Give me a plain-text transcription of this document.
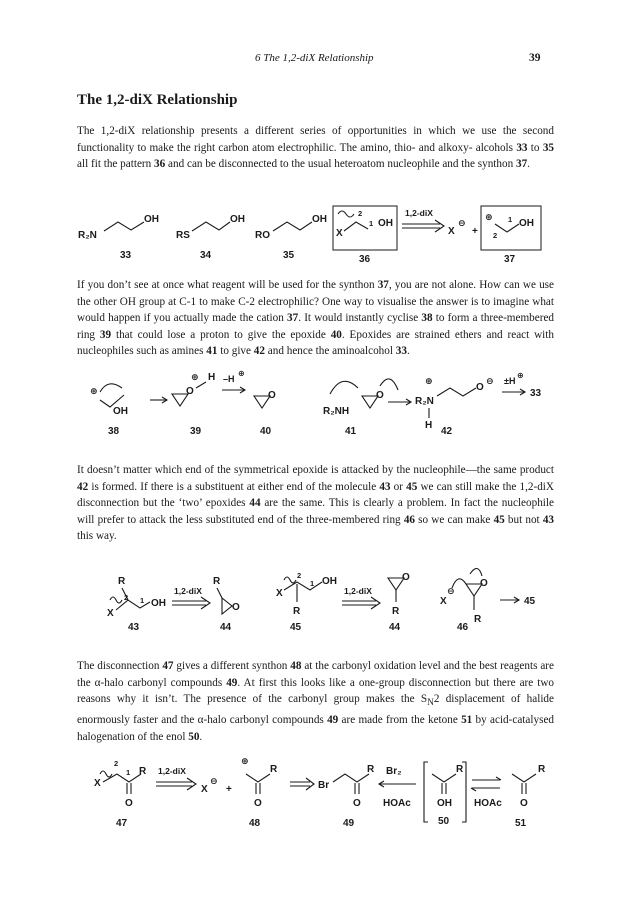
6 The 1,2-diX Relationship	39
The 1,2-diX Relationship

The 1,2-diX relationship presents a different series of opportunities in which we use the second functionality to make the right carbon atom electrophilic. The amino, thio- and alkoxy- alcohols 33 to 35 all fit the pattern 36 and can be disconnected to the usual heteroatom nucleophile and the synthon 37.

R₂N
OH
33
RS
OH
34
RO
OH
35
X
2
1 OH
36
1,2-diX
X
⊖
+
⊕
2
1 OH
37

If you don’t see at once what reagent will be used for the synthon 37, you are not alone. How can we use the other OH group at C-1 to make C-2 electrophilic? One way to visualise the answer is to imagine what would happen if you actually made the cation 37. It would instantly cyclise 38 to form a three-membered ring 39 that could lose a proton to give the epoxide 40. Epoxides are strained ethers and react with nucleophiles such as amines 41 to give 42 and hence the aminoalcohol 33.

⊕
OH
38
O
⊕ H
39
–H
⊕
O
40
R₂NH
O
41
⊕
R₂N
O
⊖
H
42
±H
⊕
33

It doesn’t matter which end of the symmetrical epoxide is attacked by the nucleophile—the same product 42 is formed. If there is a substituent at either end of the molecule 43 or 45 we can still make the 1,2-diX disconnection but the ‘two’ epoxides 44 are the same. This is clearly a problem. In fact the nucleophile will prefer to attack the less substituted end of the three-membered ring 46 so we can make 45 but not 43 this way.

R
X
2 1 OH
43
1,2-diX
R
O
44
X
2
1 OH
R
45
1,2-diX
O
R
44
X
⊖
O
R
46
45

The disconnection 47 gives a different synthon 48 at the carbonyl oxidation level and the best reagents are the α-halo carbonyl compounds 49. At first this looks like a one-group disconnection but there are two reasons why it isn’t. The presence of the carbonyl group makes the $S_N2$ displacement of halide enormously faster and the α-halo carbonyl compounds 49 are made from the ketone 51 by acid-catalysed halogenation of the enol 50.

2
X
1 R
O
47
1,2-diX
X
⊖
+
⊕
R
O
48
Br
R
O
49
Br₂
HOAc
R
OH
50
HOAc
R
O
51
